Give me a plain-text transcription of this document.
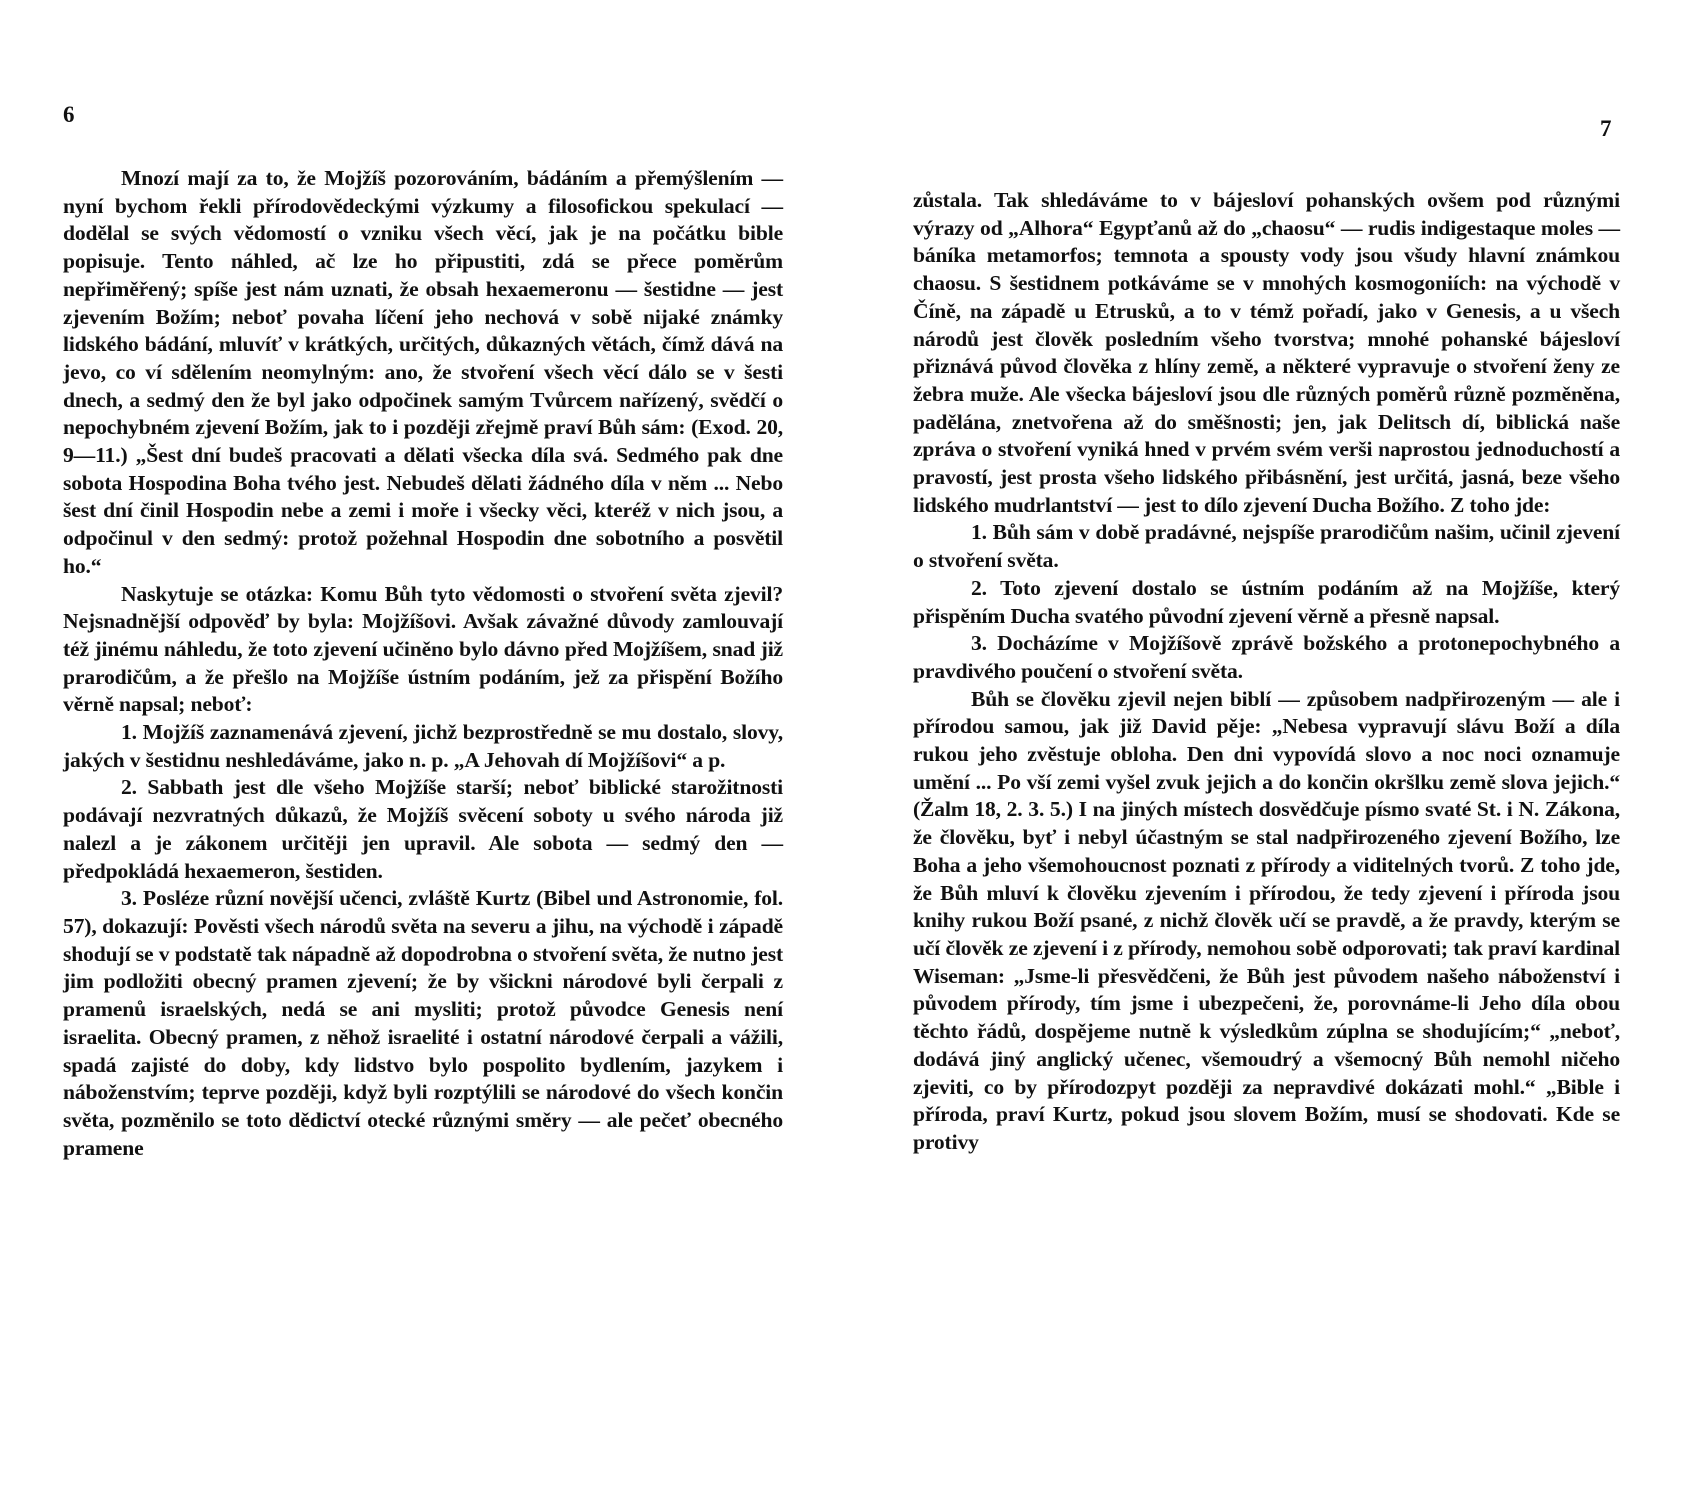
6

Mnozí mají za to, že Mojžíš pozorováním, bádáním a přemýšlením — nyní bychom řekli přírodovědeckými výzkumy a filosofickou spekulací — dodělal se svých vědomostí o vzniku všech věcí, jak je na počátku bible popisuje. Tento náhled, ač lze ho připustiti, zdá se přece poměrům nepřiměřený; spíše jest nám uznati, že obsah hexaemeronu — šestidne — jest zjevením Božím; neboť povaha líčení jeho nechová v sobě nijaké známky lidského bádání, mluvíť v krátkých, určitých, důkazných větách, čímž dává na jevo, co ví sdělením neomylným: ano, že stvoření všech věcí dálo se v šesti dnech, a sedmý den že byl jako odpočinek samým Tvůrcem nařízený, svědčí o nepochybném zjevení Božím, jak to i později zřejmě praví Bůh sám: (Exod. 20, 9—11.) „Šest dní budeš pracovati a dělati všecka díla svá. Sedmého pak dne sobota Hospodina Boha tvého jest. Nebudeš dělati žádného díla v něm ... Nebo šest dní činil Hospodin nebe a zemi i moře i všecky věci, kteréž v nich jsou, a odpočinul v den sedmý: protož požehnal Hospodin dne sobotního a posvětil ho.“

Naskytuje se otázka: Komu Bůh tyto vědomosti o stvoření světa zjevil? Nejsnadnější odpověď by byla: Mojžíšovi. Avšak závažné důvody zamlouvají též jinému náhledu, že toto zjevení učiněno bylo dávno před Mojžíšem, snad již prarodičům, a že přešlo na Mojžíše ústním podáním, jež za přispění Božího věrně napsal; neboť:

1. Mojžíš zaznamenává zjevení, jichž bezprostředně se mu dostalo, slovy, jakých v šestidnu neshledáváme, jako n. p. „A Jehovah dí Mojžíšovi“ a p.

2. Sabbath jest dle všeho Mojžíše starší; neboť biblické starožitnosti podávají nezvratných důkazů, že Mojžíš svěcení soboty u svého národa již nalezl a je zákonem určitěji jen upravil. Ale sobota — sedmý den — předpokládá hexaemeron, šestiden.

3. Posléze různí novější učenci, zvláště Kurtz (Bibel und Astronomie, fol. 57), dokazují: Pověsti všech národů světa na severu a jihu, na východě i západě shodují se v podstatě tak nápadně až dopodrobna o stvoření světa, že nutno jest jim podložiti obecný pramen zjevení; že by všickni národové byli čerpali z pramenů israelských, nedá se ani mysliti; protož původce Genesis není israelita. Obecný pramen, z něhož israelité i ostatní národové čerpali a vážili, spadá zajisté do doby, kdy lidstvo bylo pospolito bydlením, jazykem i náboženstvím; teprve později, když byli rozptýlili se národové do všech končin světa, pozměnilo se toto dědictví otecké různými směry — ale pečeť obecného pramene

7

zůstala. Tak shledáváme to v bájesloví pohanských ovšem pod různými výrazy od „Alhora“ Egypťanů až do „chaosu“ — rudis indigestaque moles — báníka metamorfos; temnota a spousty vody jsou všudy hlavní známkou chaosu. S šestidnem potkáváme se v mnohých kosmogoniích: na východě v Číně, na západě u Etrusků, a to v témž pořadí, jako v Genesis, a u všech národů jest člověk posledním všeho tvorstva; mnohé pohanské bájesloví přiznává původ člověka z hlíny země, a některé vypravuje o stvoření ženy ze žebra muže. Ale všecka bájesloví jsou dle různých poměrů různě pozměněna, padělána, znetvořena až do směšnosti; jen, jak Delitsch dí, biblická naše zpráva o stvoření vyniká hned v prvém svém verši naprostou jednoduchostí a pravostí, jest prosta všeho lidského přibásnění, jest určitá, jasná, beze všeho lidského mudrlantství — jest to dílo zjevení Ducha Božího. Z toho jde:

1. Bůh sám v době pradávné, nejspíše prarodičům našim, učinil zjevení o stvoření světa.

2. Toto zjevení dostalo se ústním podáním až na Mojžíše, který přispěním Ducha svatého původní zjevení věrně a přesně napsal.

3. Docházíme v Mojžíšově zprávě božského a protonepochybného a pravdivého poučení o stvoření světa.

Bůh se člověku zjevil nejen biblí — způsobem nadpřirozeným — ale i přírodou samou, jak již David pěje: „Nebesa vypravují slávu Boží a díla rukou jeho zvěstuje obloha. Den dni vypovídá slovo a noc noci oznamuje umění ... Po vší zemi vyšel zvuk jejich a do končin okršlku země slova jejich.“ (Žalm 18, 2. 3. 5.) I na jiných místech dosvědčuje písmo svaté St. i N. Zákona, že člověku, byť i nebyl účastným se stal nadpřirozeného zjevení Božího, lze Boha a jeho všemohoucnost poznati z přírody a viditelných tvorů. Z toho jde, že Bůh mluví k člověku zjevením i přírodou, že tedy zjevení i příroda jsou knihy rukou Boží psané, z nichž člověk učí se pravdě, a že pravdy, kterým se učí člověk ze zjevení i z přírody, nemohou sobě odporovati; tak praví kardinal Wiseman: „Jsme-li přesvědčeni, že Bůh jest původem našeho náboženství i původem přírody, tím jsme i ubezpečeni, že, porovnáme-li Jeho díla obou těchto řádů, dospějeme nutně k výsledkům zúplna se shodujícím;“ „neboť, dodává jiný anglický učenec, všemoudrý a všemocný Bůh nemohl ničeho zjeviti, co by přírodozpyt později za nepravdivé dokázati mohl.“ „Bible i příroda, praví Kurtz, pokud jsou slovem Božím, musí se shodovati. Kde se protivy
